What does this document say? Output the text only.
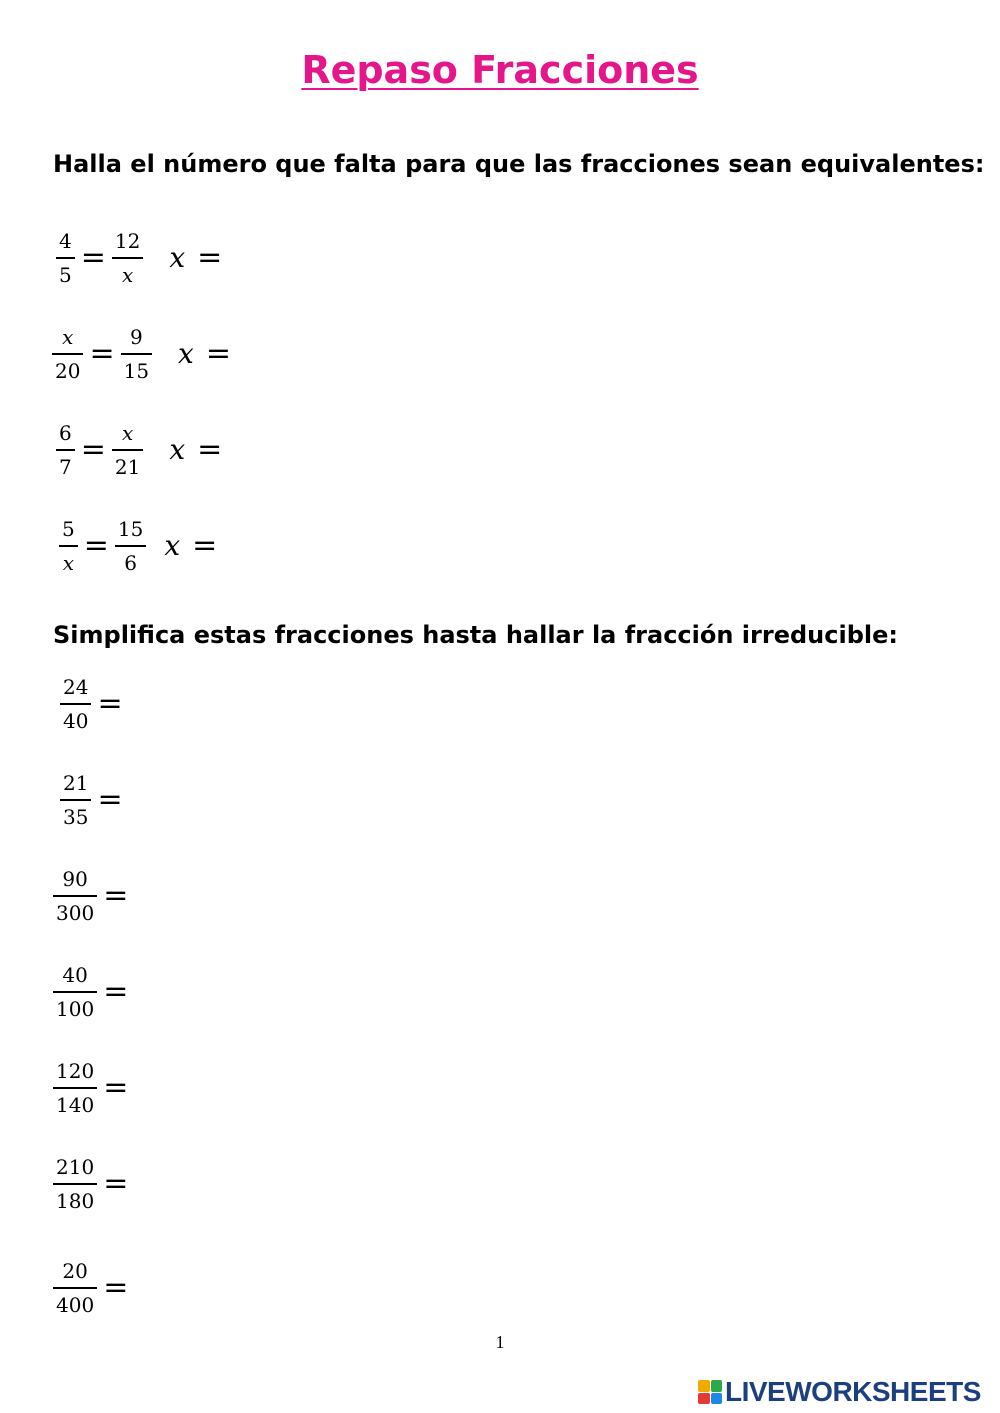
Repaso Fracciones
Halla el número que falta para que las fracciones sean equivalentes:
$\frac{4}{5} = \frac{12}{x}$ x =
$\frac{x}{20} = \frac{9}{15}$ x =
$\frac{6}{7} = \frac{x}{21}$ x =
$\frac{5}{x} = \frac{15}{6}$ x =
Simplifica estas fracciones hasta hallar la fracción irreducible:
$\frac{24}{40}$ =
$\frac{21}{35}$ =
$\frac{90}{300}$ =
$\frac{40}{100}$ =
$\frac{120}{140}$ =
$\frac{210}{180}$ =
$\frac{20}{400}$ =
1
LIVEWORKSHEETS
